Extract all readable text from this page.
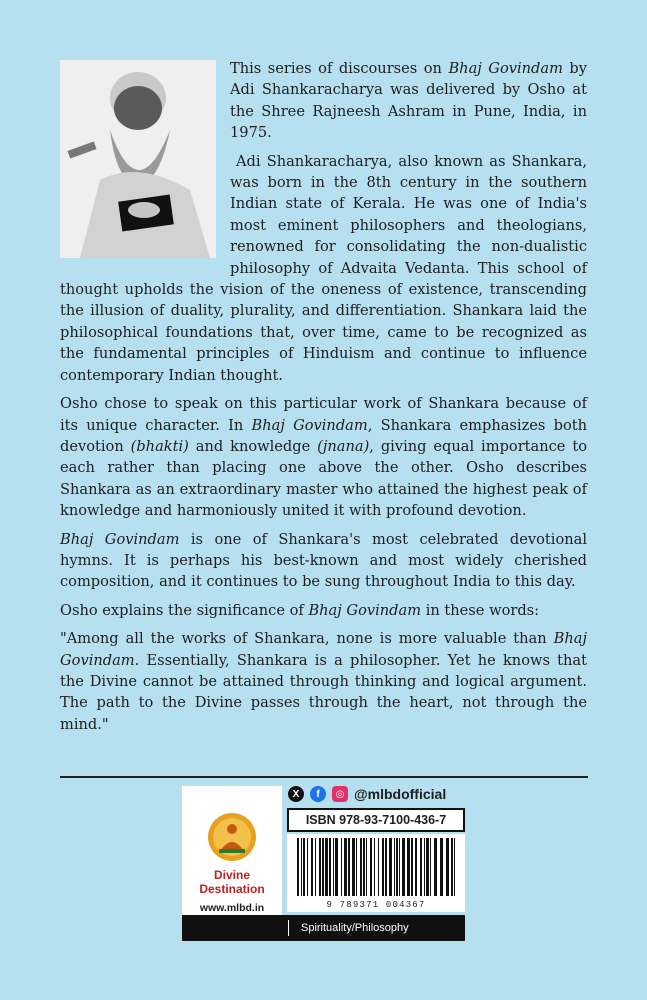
This series of discourses on Bhaj Govindam by Adi Shankaracharya was delivered by Osho at the Shree Rajneesh Ashram in Pune, India, in 1975.

Adi Shankaracharya, also known as Shankara, was born in the 8th century in the southern Indian state of Kerala. He was one of India's most eminent philosophers and theologians, renowned for consolidating the non-dualistic philosophy of Advaita Vedanta. This school of thought upholds the vision of the oneness of existence, transcending the illusion of duality, plurality, and differentiation. Shankara laid the philosophical foundations that, over time, came to be recognized as the fundamental principles of Hinduism and continue to influence contemporary Indian thought.

Osho chose to speak on this particular work of Shankara because of its unique character. In Bhaj Govindam, Shankara emphasizes both devotion (bhakti) and knowledge (jnana), giving equal importance to each rather than placing one above the other. Osho describes Shankara as an extraordinary master who attained the highest peak of knowledge and harmoniously united it with profound devotion.

Bhaj Govindam is one of Shankara's most celebrated devotional hymns. It is perhaps his best-known and most widely cherished composition, and it continues to be sung throughout India to this day.

Osho explains the significance of Bhaj Govindam in these words:

"Among all the works of Shankara, none is more valuable than Bhaj Govindam. Essentially, Shankara is a philosopher. Yet he knows that the Divine cannot be attained through thinking and logical argument. The path to the Divine passes through the heart, not through the mind."

Divine Destination
www.mlbd.in
X	f	◎ @mlbdofficial
ISBN 978-93-7100-436-7
9 789371 004367
Spirituality/Philosophy
